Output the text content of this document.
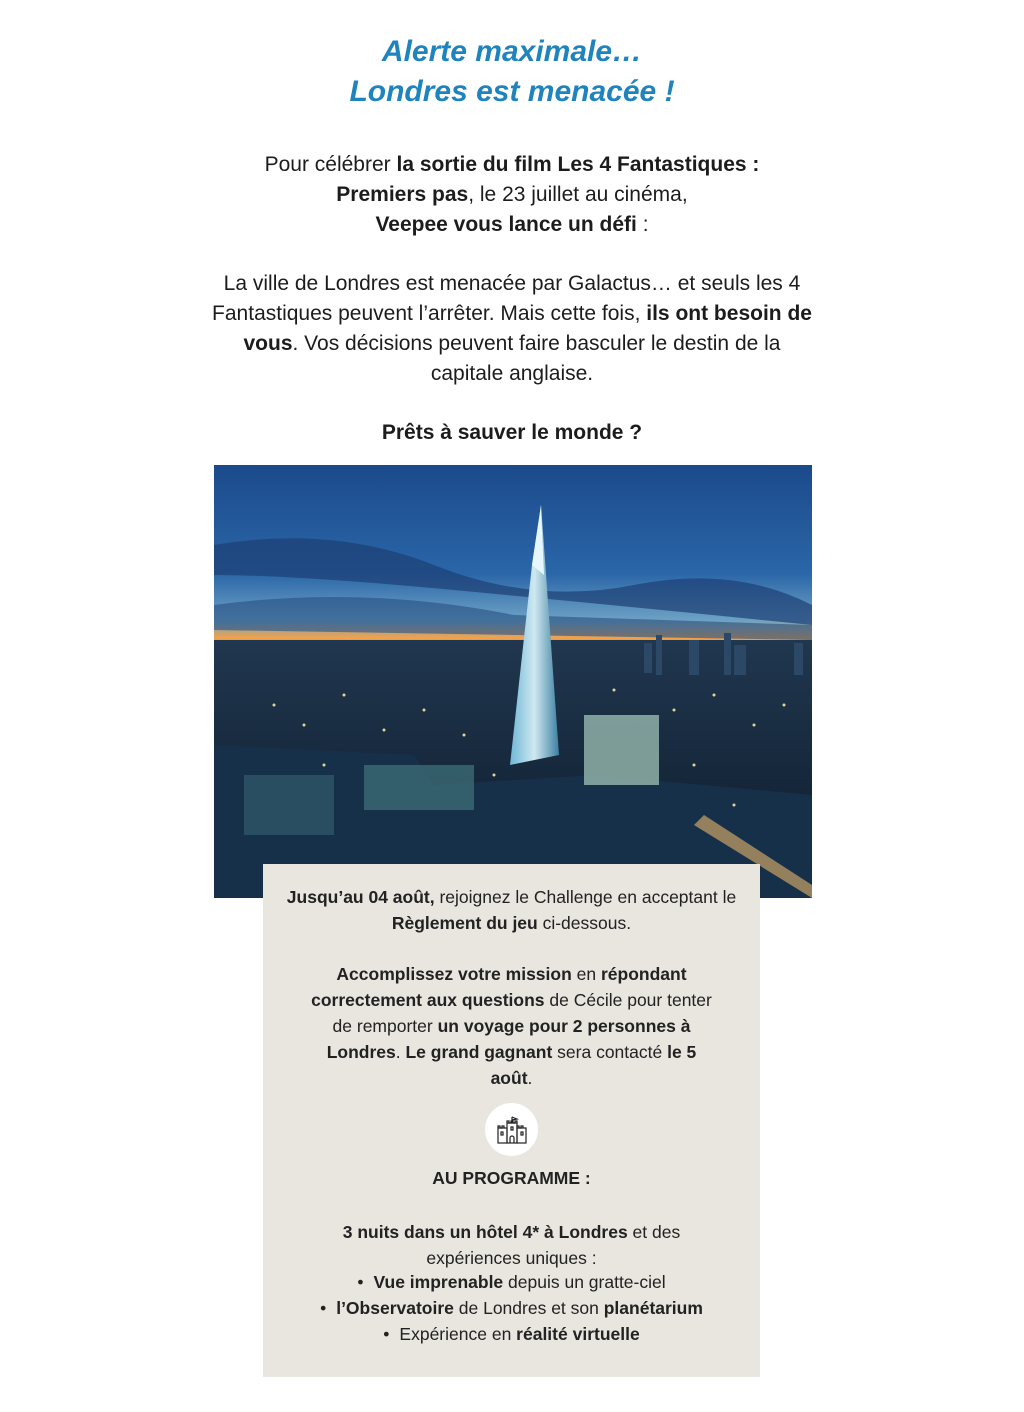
Alerte maximale…
Londres est menacée !

Pour célébrer la sortie du film Les 4 Fantastiques :
Premiers pas, le 23 juillet au cinéma,
Veepee vous lance un défi :

La ville de Londres est menacée par Galactus… et seuls les 4 Fantastiques peuvent l’arrêter. Mais cette fois, ils ont besoin de vous. Vos décisions peuvent faire basculer le destin de la capitale anglaise.

Prêts à sauver le monde ?

Jusqu’au 04 août, rejoignez le Challenge en acceptant le Règlement du jeu ci-dessous.

Accomplissez votre mission en répondant correctement aux questions de Cécile pour tenter de remporter un voyage pour 2 personnes à Londres. Le grand gagnant sera contacté le 5 août.

AU PROGRAMME :

3 nuits dans un hôtel 4* à Londres et des expériences uniques :

• Vue imprenable depuis un gratte-ciel
• l’Observatoire de Londres et son planétarium
• Expérience en réalité virtuelle
